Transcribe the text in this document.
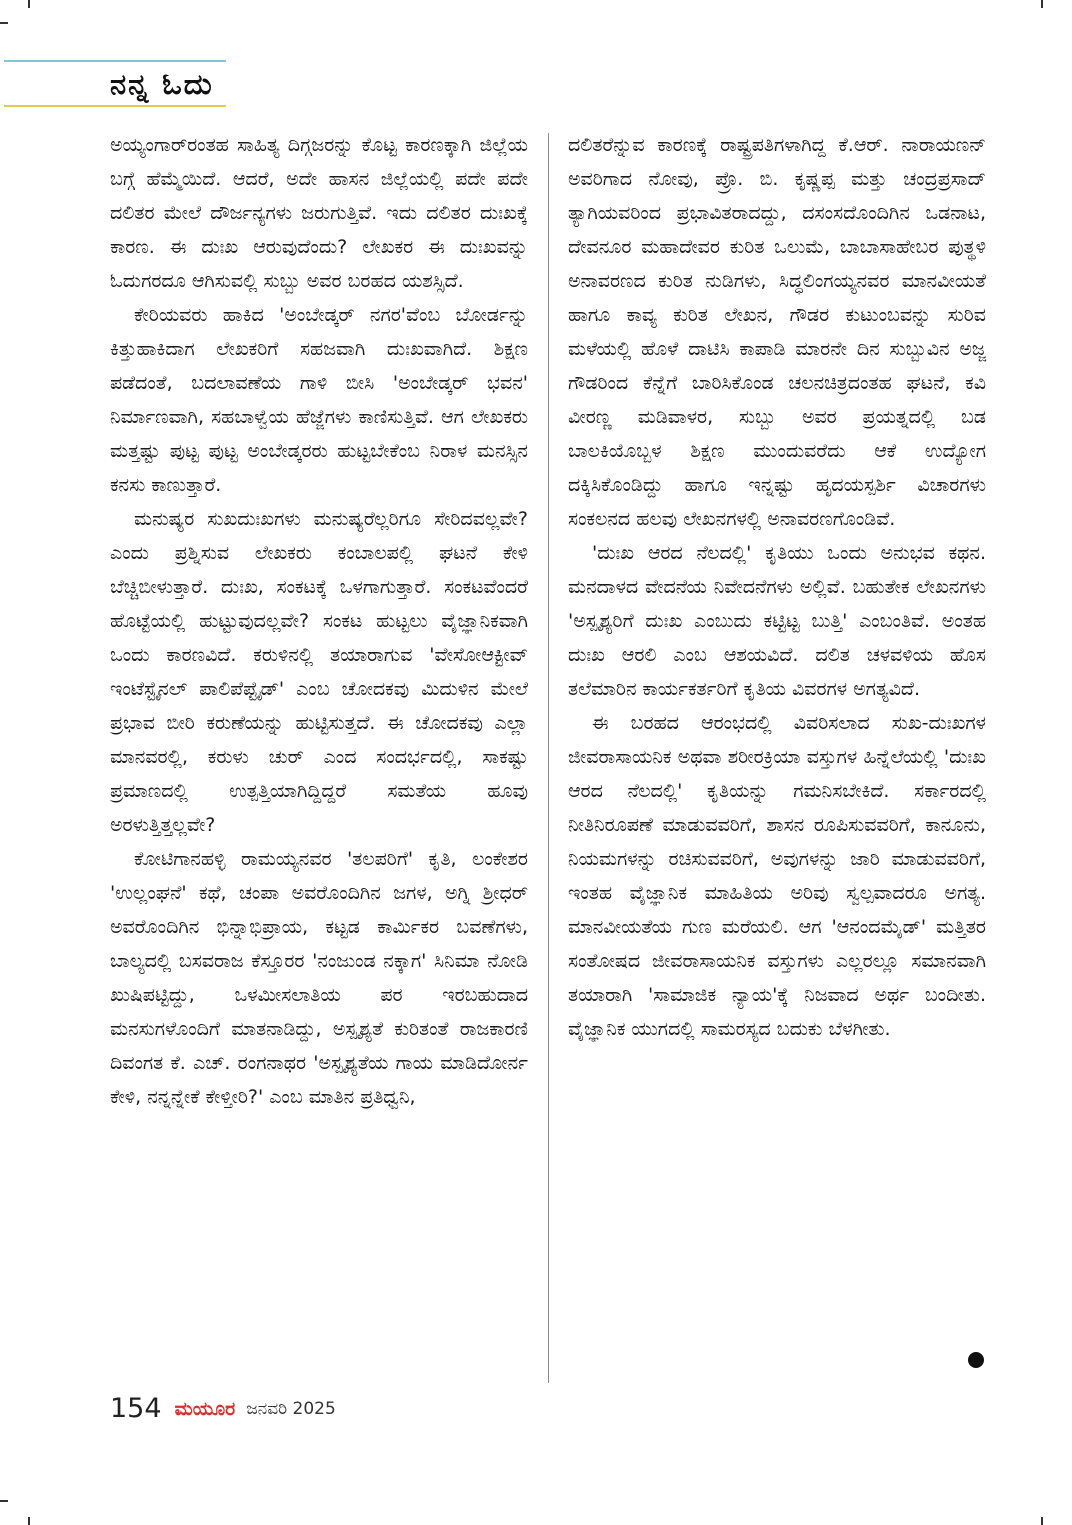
ನನ್ನ ಓದು

ಅಯ್ಯಂಗಾರ್‌ರಂತಹ ಸಾಹಿತ್ಯ ದಿಗ್ಗಜರನ್ನು ಕೊಟ್ಟ ಕಾರಣಕ್ಕಾಗಿ ಜಿಲ್ಲೆಯ ಬಗ್ಗೆ ಹೆಮ್ಮೆಯಿದೆ. ಆದರೆ, ಅದೇ ಹಾಸನ ಜಿಲ್ಲೆಯಲ್ಲಿ ಪದೇ ಪದೇ ದಲಿತರ ಮೇಲೆ ದೌರ್ಜನ್ಯಗಳು ಜರುಗುತ್ತಿವೆ. ಇದು ದಲಿತರ ದುಃಖಕ್ಕೆ ಕಾರಣ. ಈ ದುಃಖ ಆರುವುದೆಂದು? ಲೇಖಕರ ಈ ದುಃಖವನ್ನು ಓದುಗರದೂ ಆಗಿಸುವಲ್ಲಿ ಸುಬ್ಬು ಅವರ ಬರಹದ ಯಶಸ್ಸಿದೆ.

ಕೇರಿಯವರು ಹಾಕಿದ 'ಅಂಬೇಡ್ಕರ್ ನಗರ'ವೆಂಬ ಬೋರ್ಡನ್ನು ಕಿತ್ತುಹಾಕಿದಾಗ ಲೇಖಕರಿಗೆ ಸಹಜವಾಗಿ ದುಃಖವಾಗಿದೆ. ಶಿಕ್ಷಣ ಪಡೆದಂತೆ, ಬದಲಾವಣೆಯ ಗಾಳಿ ಬೀಸಿ 'ಅಂಬೇಡ್ಕರ್ ಭವನ' ನಿರ್ಮಾಣವಾಗಿ, ಸಹಬಾಳ್ವೆಯ ಹೆಜ್ಜೆಗಳು ಕಾಣಿಸುತ್ತಿವೆ. ಆಗ ಲೇಖಕರು ಮತ್ತಷ್ಟು ಪುಟ್ಟ ಪುಟ್ಟ ಅಂಬೇಡ್ಕರರು ಹುಟ್ಟಬೇಕೆಂಬ ನಿರಾಳ ಮನಸ್ಸಿನ ಕನಸು ಕಾಣುತ್ತಾರೆ.

ಮನುಷ್ಯರ ಸುಖದುಃಖಗಳು ಮನುಷ್ಯರೆಲ್ಲರಿಗೂ ಸೇರಿದವಲ್ಲವೇ? ಎಂದು ಪ್ರಶ್ನಿಸುವ ಲೇಖಕರು ಕಂಬಾಲಪಲ್ಲಿ ಘಟನೆ ಕೇಳಿ ಬೆಚ್ಚಿಬೀಳುತ್ತಾರೆ. ದುಃಖ, ಸಂಕಟಕ್ಕೆ ಒಳಗಾಗುತ್ತಾರೆ. ಸಂಕಟವೆಂದರೆ ಹೊಟ್ಟೆಯಲ್ಲಿ ಹುಟ್ಟುವುದಲ್ಲವೇ? ಸಂಕಟ ಹುಟ್ಟಲು ವೈಜ್ಞಾನಿಕವಾಗಿ ಒಂದು ಕಾರಣವಿದೆ. ಕರುಳಿನಲ್ಲಿ ತಯಾರಾಗುವ 'ವೇಸೋಆಕ್ಟೀವ್ ಇಂಟೆಸ್ಟೈನಲ್ ಪಾಲಿಪೆಪ್ಟೈಡ್' ಎಂಬ ಚೋದಕವು ಮಿದುಳಿನ ಮೇಲೆ ಪ್ರಭಾವ ಬೀರಿ ಕರುಣೆಯನ್ನು ಹುಟ್ಟಿಸುತ್ತದೆ. ಈ ಚೋದಕವು ಎಲ್ಲಾ ಮಾನವರಲ್ಲಿ, ಕರುಳು ಚುರ್ ಎಂದ ಸಂದರ್ಭದಲ್ಲಿ, ಸಾಕಷ್ಟು ಪ್ರಮಾಣದಲ್ಲಿ ಉತ್ಪತ್ತಿಯಾಗಿದ್ದಿದ್ದರೆ ಸಮತೆಯ ಹೂವು ಅರಳುತ್ತಿತ್ತಲ್ಲವೇ?

ಕೋಟಿಗಾನಹಳ್ಳಿ ರಾಮಯ್ಯನವರ 'ತಲಪರಿಗೆ' ಕೃತಿ, ಲಂಕೇಶರ 'ಉಲ್ಲಂಘನೆ' ಕಥೆ, ಚಂಪಾ ಅವರೊಂದಿಗಿನ ಜಗಳ, ಅಗ್ನಿ ಶ್ರೀಧರ್ ಅವರೊಂದಿಗಿನ ಭಿನ್ನಾಭಿಪ್ರಾಯ, ಕಟ್ಟಡ ಕಾರ್ಮಿಕರ ಬವಣೆಗಳು, ಬಾಲ್ಯದಲ್ಲಿ ಬಸವರಾಜ ಕೆಸ್ತೂರರ 'ನಂಜುಂಡ ನಕ್ಕಾಗ' ಸಿನಿಮಾ ನೋಡಿ ಖುಷಿಪಟ್ಟಿದ್ದು, ಒಳಮೀಸಲಾತಿಯ ಪರ ಇರಬಹುದಾದ ಮನಸುಗಳೊಂದಿಗೆ ಮಾತನಾಡಿದ್ದು, ಅಸ್ಪೃಶ್ಯತೆ ಕುರಿತಂತೆ ರಾಜಕಾರಣಿ ದಿವಂಗತ ಕೆ. ಎಚ್. ರಂಗನಾಥರ 'ಅಸ್ಪೃಶ್ಯತೆಯ ಗಾಯ ಮಾಡಿದೋರ್ನ ಕೇಳಿ, ನನ್ನನ್ನೇಕೆ ಕೇಳ್ತೀರಿ?' ಎಂಬ ಮಾತಿನ ಪ್ರತಿಧ್ವನಿ,

ದಲಿತರೆನ್ನುವ ಕಾರಣಕ್ಕೆ ರಾಷ್ಟ್ರಪತಿಗಳಾಗಿದ್ದ ಕೆ.ಆರ್. ನಾರಾಯಣನ್ ಅವರಿಗಾದ ನೋವು, ಪ್ರೊ. ಬಿ. ಕೃಷ್ಣಪ್ಪ ಮತ್ತು ಚಂದ್ರಪ್ರಸಾದ್ ತ್ಯಾಗಿಯವರಿಂದ ಪ್ರಭಾವಿತರಾದದ್ದು, ದಸಂಸದೊಂದಿಗಿನ ಒಡನಾಟ, ದೇವನೂರ ಮಹಾದೇವರ ಕುರಿತ ಒಲುಮೆ, ಬಾಬಾಸಾಹೇಬರ ಪುತ್ಥಳಿ ಅನಾವರಣದ ಕುರಿತ ನುಡಿಗಳು, ಸಿದ್ಧಲಿಂಗಯ್ಯನವರ ಮಾನವೀಯತೆ ಹಾಗೂ ಕಾವ್ಯ ಕುರಿತ ಲೇಖನ, ಗೌಡರ ಕುಟುಂಬವನ್ನು ಸುರಿವ ಮಳೆಯಲ್ಲಿ ಹೊಳೆ ದಾಟಿಸಿ ಕಾಪಾಡಿ ಮಾರನೇ ದಿನ ಸುಬ್ಬುವಿನ ಅಜ್ಜ ಗೌಡರಿಂದ ಕೆನ್ನೆಗೆ ಬಾರಿಸಿಕೊಂಡ ಚಲನಚಿತ್ರದಂತಹ ಘಟನೆ, ಕವಿ ವೀರಣ್ಣ ಮಡಿವಾಳರ, ಸುಬ್ಬು ಅವರ ಪ್ರಯತ್ನದಲ್ಲಿ ಬಡ ಬಾಲಕಿಯೊಬ್ಬಳ ಶಿಕ್ಷಣ ಮುಂದುವರೆದು ಆಕೆ ಉದ್ಯೋಗ ದಕ್ಕಿಸಿಕೊಂಡಿದ್ದು ಹಾಗೂ ಇನ್ನಷ್ಟು ಹೃದಯಸ್ಪರ್ಶಿ ವಿಚಾರಗಳು ಸಂಕಲನದ ಹಲವು ಲೇಖನಗಳಲ್ಲಿ ಅನಾವರಣಗೊಂಡಿವೆ.

'ದುಃಖ ಆರದ ನೆಲದಲ್ಲಿ' ಕೃತಿಯು ಒಂದು ಅನುಭವ ಕಥನ. ಮನದಾಳದ ವೇದನೆಯ ನಿವೇದನೆಗಳು ಅಲ್ಲಿವೆ. ಬಹುತೇಕ ಲೇಖನಗಳು 'ಅಸ್ಪೃಶ್ಯರಿಗೆ ದುಃಖ ಎಂಬುದು ಕಟ್ಟಿಟ್ಟ ಬುತ್ತಿ' ಎಂಬಂತಿವೆ. ಅಂತಹ ದುಃಖ ಆರಲಿ ಎಂಬ ಆಶಯವಿದೆ. ದಲಿತ ಚಳವಳಿಯ ಹೊಸ ತಲೆಮಾರಿನ ಕಾರ್ಯಕರ್ತರಿಗೆ ಕೃತಿಯ ವಿವರಗಳ ಅಗತ್ಯವಿದೆ.

ಈ ಬರಹದ ಆರಂಭದಲ್ಲಿ ವಿವರಿಸಲಾದ ಸುಖ-ದುಃಖಗಳ ಜೀವರಾಸಾಯನಿಕ ಅಥವಾ ಶರೀರಕ್ರಿಯಾ ವಸ್ತುಗಳ ಹಿನ್ನೆಲೆಯಲ್ಲಿ 'ದುಃಖ ಆರದ ನೆಲದಲ್ಲಿ' ಕೃತಿಯನ್ನು ಗಮನಿಸಬೇಕಿದೆ. ಸರ್ಕಾರದಲ್ಲಿ ನೀತಿನಿರೂಪಣೆ ಮಾಡುವವರಿಗೆ, ಶಾಸನ ರೂಪಿಸುವವರಿಗೆ, ಕಾನೂನು, ನಿಯಮಗಳನ್ನು ರಚಿಸುವವರಿಗೆ, ಅವುಗಳನ್ನು ಜಾರಿ ಮಾಡುವವರಿಗೆ, ಇಂತಹ ವೈಜ್ಞಾನಿಕ ಮಾಹಿತಿಯ ಅರಿವು ಸ್ವಲ್ಪವಾದರೂ ಅಗತ್ಯ. ಮಾನವೀಯತೆಯ ಗುಣ ಮರೆಯಲಿ. ಆಗ 'ಆನಂದಮೈಡ್' ಮತ್ತಿತರ ಸಂತೋಷದ ಜೀವರಾಸಾಯನಿಕ ವಸ್ತುಗಳು ಎಲ್ಲರಲ್ಲೂ ಸಮಾನವಾಗಿ ತಯಾರಾಗಿ 'ಸಾಮಾಜಿಕ ನ್ಯಾಯ'ಕ್ಕೆ ನಿಜವಾದ ಅರ್ಥ ಬಂದೀತು. ವೈಜ್ಞಾನಿಕ ಯುಗದಲ್ಲಿ ಸಾಮರಸ್ಯದ ಬದುಕು ಬೆಳಗೀತು.

154 ಮಯೂರ ಜನವರಿ 2025
